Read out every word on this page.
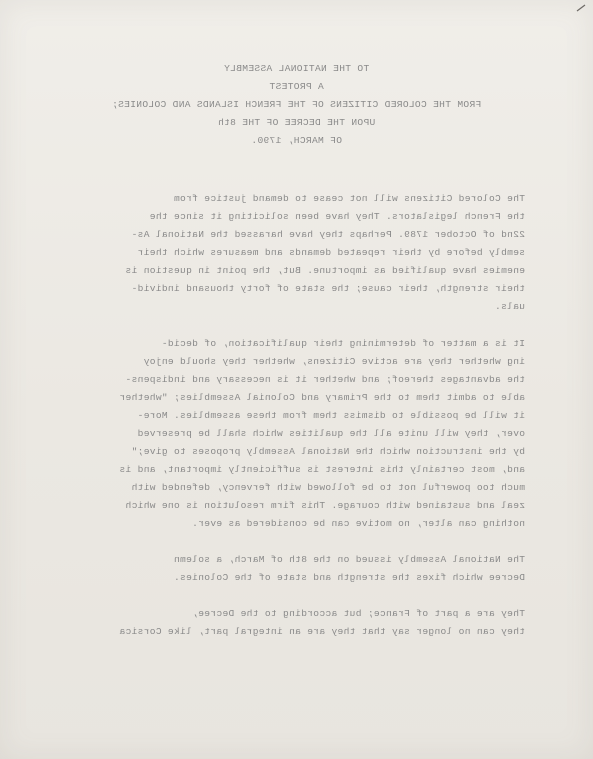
TO THE NATIONAL ASSEMBLY
A PROTEST
FROM THE COLORED CITIZENS OF THE FRENCH ISLANDS AND COLONIES;
UPON THE DECREE OF THE 8th
OF MARCH, 1790.
The Colored Citizens will not cease to demand justice from
the French legislators. They have been soliciting it since the
22nd of October 1789. Perhaps they have harassed the National As-
sembly before by their repeated demands and measures which their
enemies have qualified as importune. But, the point in question is
their strength, their cause; the state of forty thousand individ-
uals.
It is a matter of determining their qualification, of decid-
ing whether they are active Citizens, whether they should enjoy
the advantages thereof; and whether it is necessary and indispens-
able to admit them to the Primary and Colonial Assemblies; "whether
it will be possible to dismiss them from these assemblies. More-
over, they will unite all the qualities which shall be preserved
by the instruction which the National Assembly proposes to give;"
and, most certainly this interest is sufficiently important, and is
much too powerful not to be followed with fervency, defended with
zeal and sustained with courage. This firm resolution is one which
nothing can alter, no motive can be considered as ever.
The National Assembly issued on the 8th of March, a solemn
Decree which fixes the strength and state of the Colonies.
They are a part of France; but according to the Decree,
they can no longer say that they are an integral part, like Corsica
